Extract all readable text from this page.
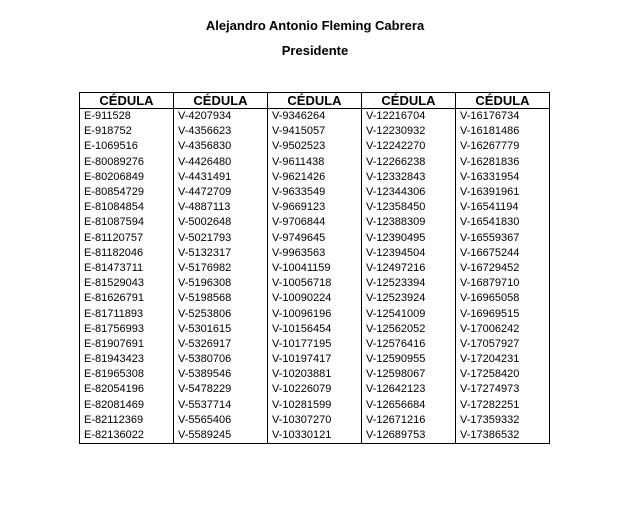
Alejandro Antonio Fleming Cabrera
Presidente
CÉDULA	CÉDULA	CÉDULA	CÉDULA	CÉDULA
E-911528	V-4207934	V-9346264	V-12216704	V-16176734
E-918752	V-4356623	V-9415057	V-12230932	V-16181486
E-1069516	V-4356830	V-9502523	V-12242270	V-16267779
E-80089276	V-4426480	V-9611438	V-12266238	V-16281836
E-80206849	V-4431491	V-9621426	V-12332843	V-16331954
E-80854729	V-4472709	V-9633549	V-12344306	V-16391961
E-81084854	V-4887113	V-9669123	V-12358450	V-16541194
E-81087594	V-5002648	V-9706844	V-12388309	V-16541830
E-81120757	V-5021793	V-9749645	V-12390495	V-16559367
E-81182046	V-5132317	V-9963563	V-12394504	V-16675244
E-81473711	V-5176982	V-10041159	V-12497216	V-16729452
E-81529043	V-5196308	V-10056718	V-12523394	V-16879710
E-81626791	V-5198568	V-10090224	V-12523924	V-16965058
E-81711893	V-5253806	V-10096196	V-12541009	V-16969515
E-81756993	V-5301615	V-10156454	V-12562052	V-17006242
E-81907691	V-5326917	V-10177195	V-12576416	V-17057927
E-81943423	V-5380706	V-10197417	V-12590955	V-17204231
E-81965308	V-5389546	V-10203881	V-12598067	V-17258420
E-82054196	V-5478229	V-10226079	V-12642123	V-17274973
E-82081469	V-5537714	V-10281599	V-12656684	V-17282251
E-82112369	V-5565406	V-10307270	V-12671216	V-17359332
E-82136022	V-5589245	V-10330121	V-12689753	V-17386532
